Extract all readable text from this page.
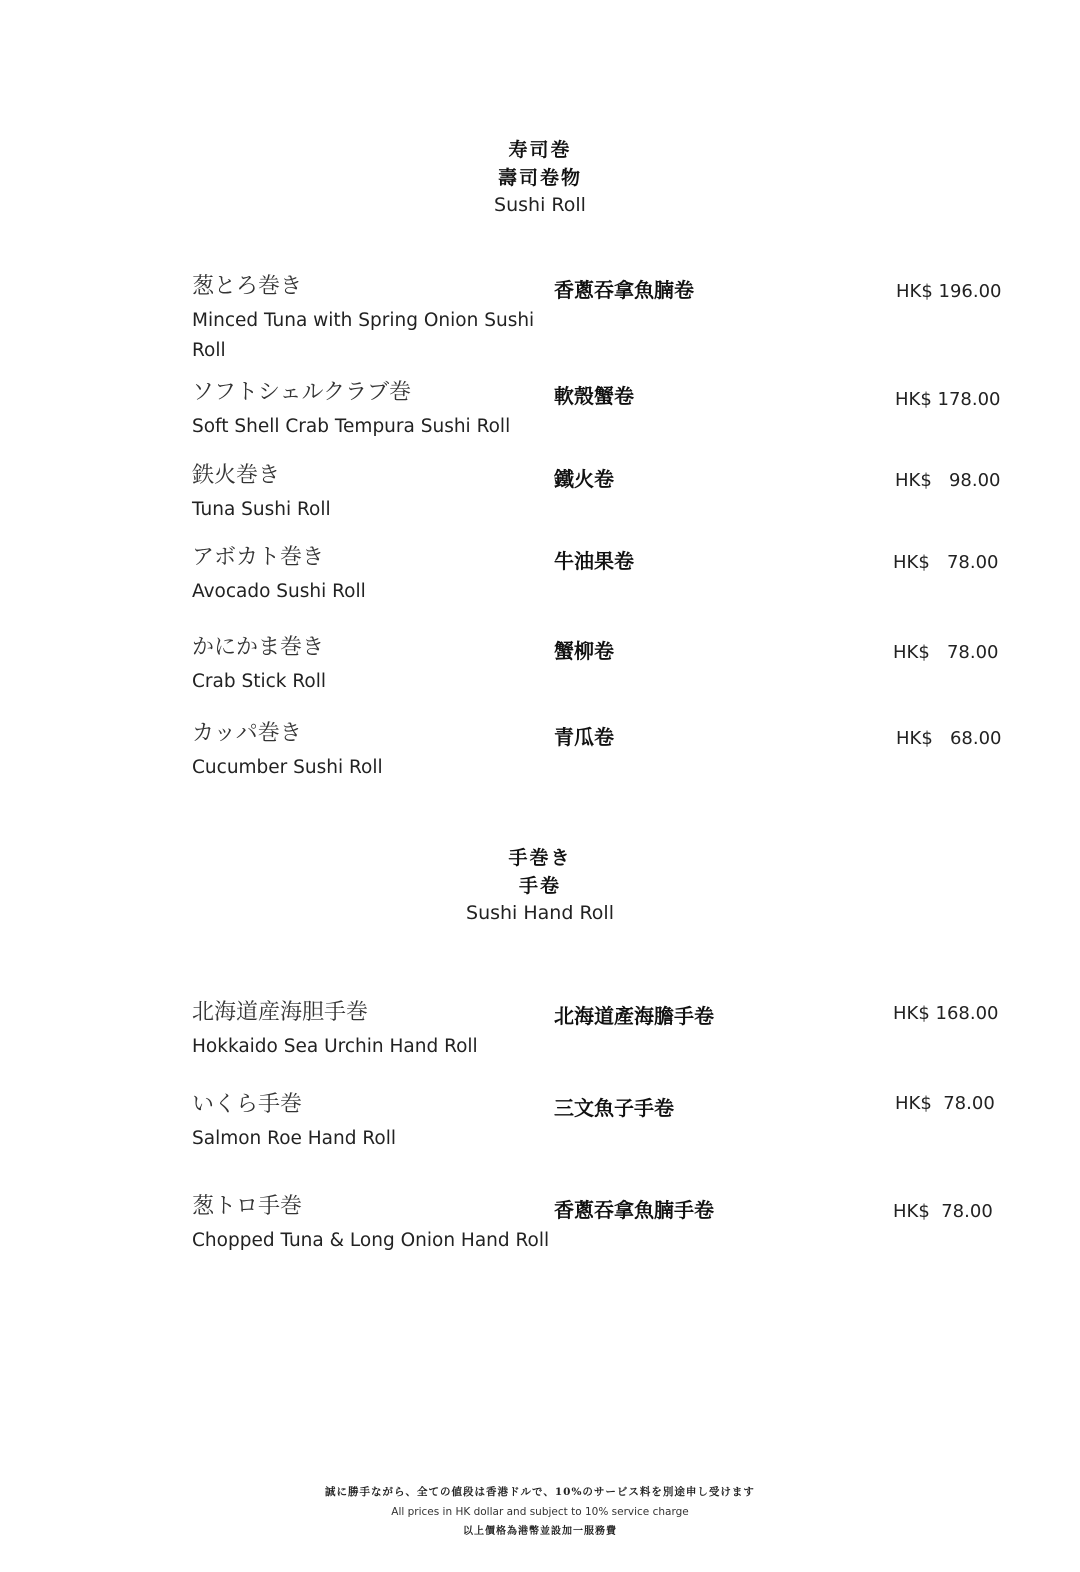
寿司巻
壽司卷物
Sushi Roll
葱とろ巻き
Minced Tuna with Spring Onion Sushi Roll
香蔥吞拿魚腩卷	HK$ 196.00
ソフトシェルクラブ巻
Soft Shell Crab Tempura Sushi Roll
軟殼蟹卷	HK$ 178.00
鉄火巻き
Tuna Sushi Roll
鐵火卷	HK$   98.00
アボカト巻き
Avocado Sushi Roll
牛油果卷	HK$   78.00
かにかま巻き
Crab Stick Roll
蟹柳卷	HK$   78.00
カッパ巻き
Cucumber Sushi Roll
青瓜卷	HK$   68.00
手巻き
手卷
Sushi Hand Roll
北海道産海胆手巻
Hokkaido Sea Urchin Hand Roll
北海道產海膽手卷	HK$ 168.00
いくら手巻
Salmon Roe Hand Roll
三文魚子手卷	HK$  78.00
葱トロ手巻
Chopped Tuna & Long Onion Hand Roll
香蔥吞拿魚腩手卷	HK$  78.00
誠に勝手ながら、全ての値段は香港ドルで、10%のサービス料を別途申し受けます
All prices in HK dollar and subject to 10% service charge
以上價格為港幣並設加一服務費
